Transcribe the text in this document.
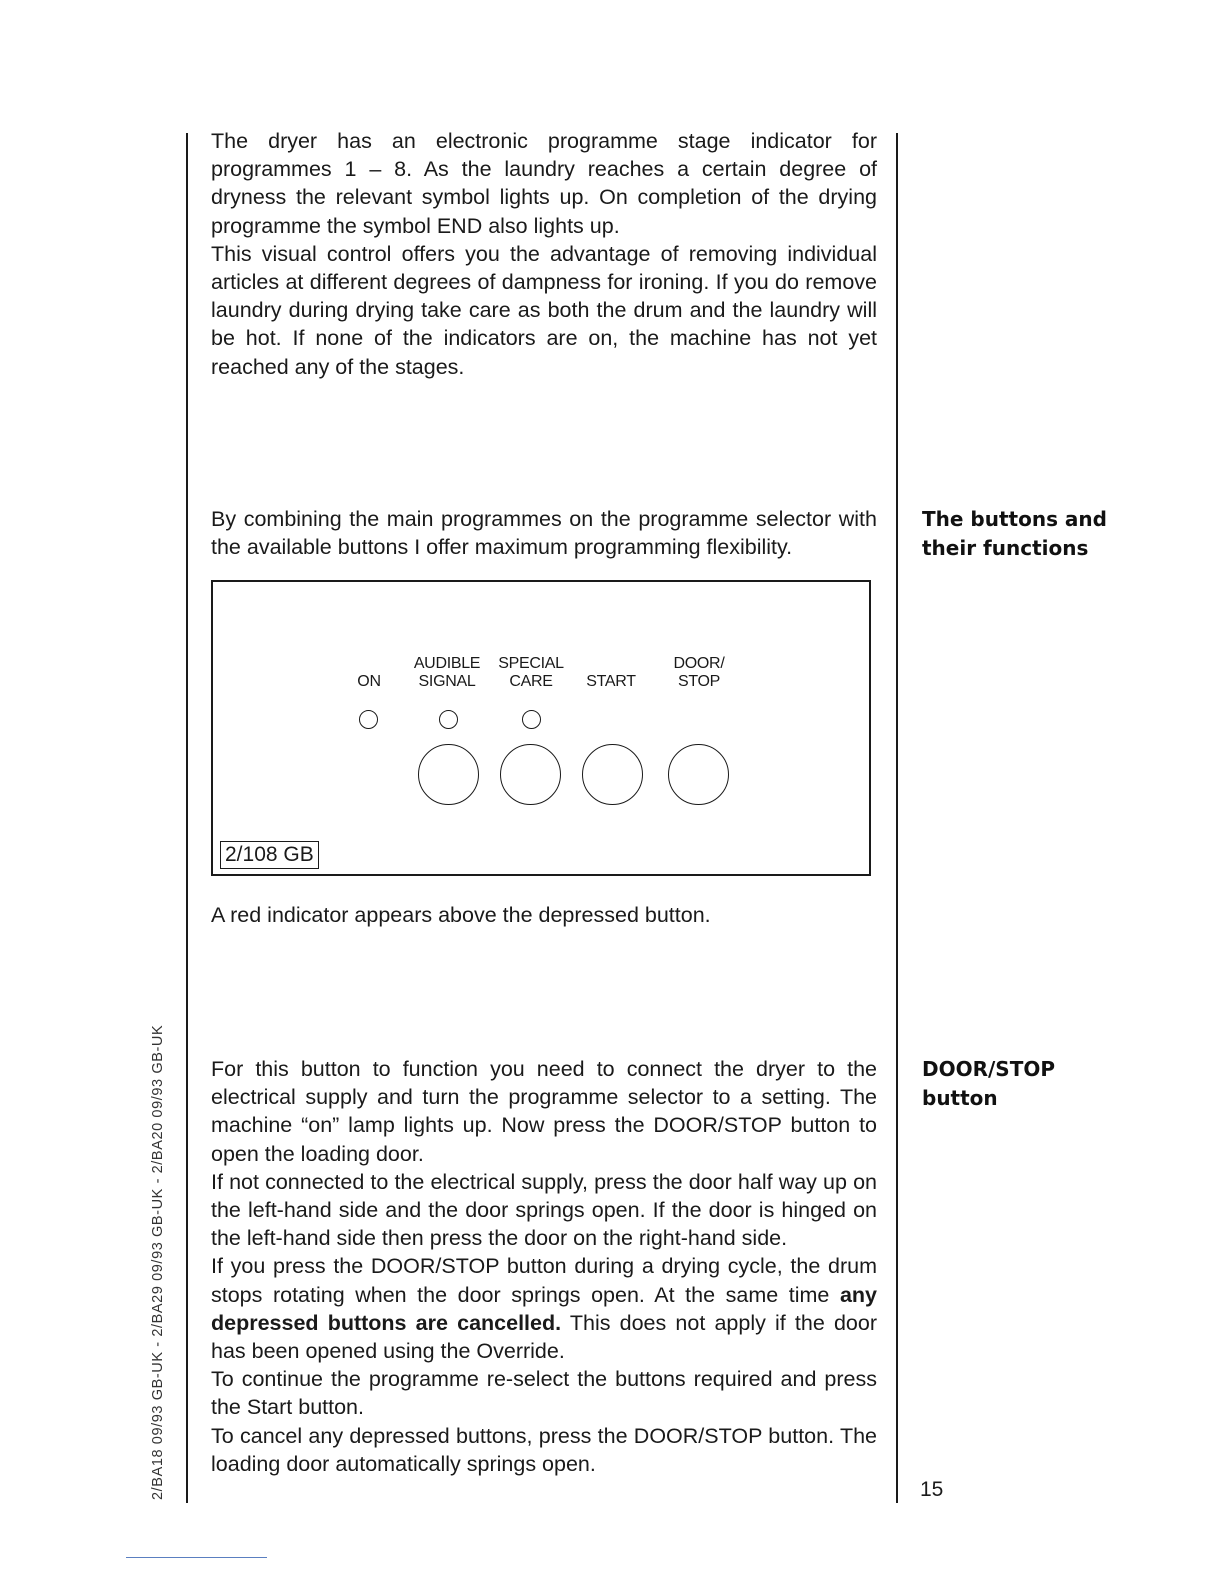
The dryer has an electronic programme stage indicator for programmes 1 – 8. As the laundry reaches a certain degree of dryness the relevant symbol lights up. On completion of the drying programme the symbol END also lights up.

This visual control offers you the advantage of removing individual articles at different degrees of dampness for ironing. If you do remove laundry during drying take care as both the drum and the laundry will be hot. If none of the indicators are on, the machine has not yet reached any of the stages.

By combining the main programmes on the programme selector with the available buttons I offer maximum programming flexibility.
The buttons and their functions
ON
AUDIBLE
SIGNAL
SPECIAL
CARE	START
DOOR/
STOP
2/108 GB
A red indicator appears above the depressed button.
DOOR/STOP button

For this button to function you need to connect the dryer to the electrical supply and turn the programme selector to a setting. The machine “on” lamp lights up. Now press the DOOR/STOP button to open the loading door.

If not connected to the electrical supply, press the door half way up on the left-hand side and the door springs open. If the door is hinged on the left-hand side then press the door on the right-hand side.

If you press the DOOR/STOP button during a drying cycle, the drum stops rotating when the door springs open. At the same time any depressed buttons are cancelled. This does not apply if the door has been opened using the Override.

To continue the programme re-select the buttons required and press the Start button.

To cancel any depressed buttons, press the DOOR/STOP button. The loading door automatically springs open.

2/BA18 09/93 GB-UK - 2/BA29 09/93 GB-UK - 2/BA20 09/93 GB-UK	15
